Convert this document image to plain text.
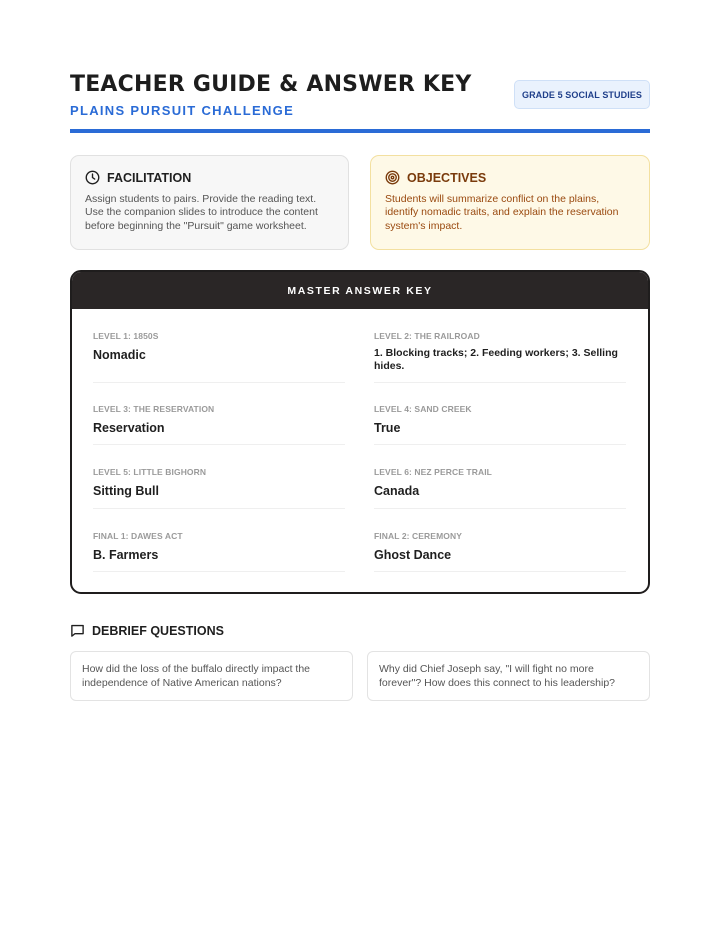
TEACHER GUIDE & ANSWER KEY
PLAINS PURSUIT CHALLENGE
GRADE 5 SOCIAL STUDIES
FACILITATION
Assign students to pairs. Provide the reading text. Use the companion slides to introduce the content before beginning the "Pursuit" game worksheet.
OBJECTIVES
Students will summarize conflict on the plains, identify nomadic traits, and explain the reservation system's impact.
MASTER ANSWER KEY
LEVEL 1: 1850S
Nomadic
LEVEL 2: THE RAILROAD
1. Blocking tracks; 2. Feeding workers; 3. Selling hides.
LEVEL 3: THE RESERVATION
Reservation
LEVEL 4: SAND CREEK
True
LEVEL 5: LITTLE BIGHORN
Sitting Bull
LEVEL 6: NEZ PERCE TRAIL
Canada
FINAL 1: DAWES ACT
B. Farmers
FINAL 2: CEREMONY
Ghost Dance
DEBRIEF QUESTIONS
How did the loss of the buffalo directly impact the independence of Native American nations?
Why did Chief Joseph say, "I will fight no more forever"? How does this connect to his leadership?
